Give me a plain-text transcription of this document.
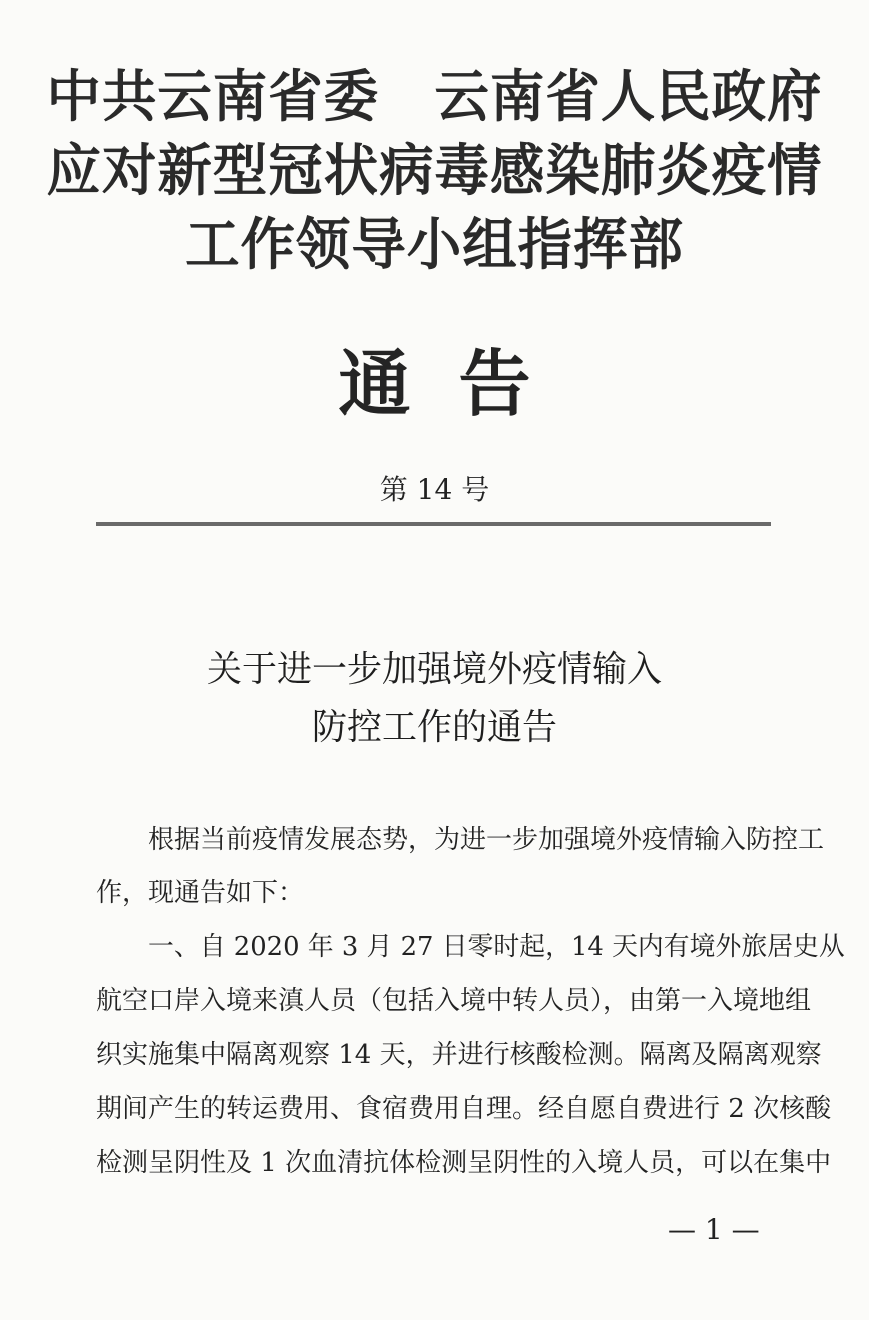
中共云南省委　云南省人民政府
应对新型冠状病毒感染肺炎疫情
工作领导小组指挥部
通告
第 14 号
关于进一步加强境外疫情输入
防控工作的通告
根据当前疫情发展态势，为进一步加强境外疫情输入防控工
作，现通告如下：
一、自 2020 年 3 月 27 日零时起，14 天内有境外旅居史从
航空口岸入境来滇人员（包括入境中转人员），由第一入境地组
织实施集中隔离观察 14 天，并进行核酸检测。隔离及隔离观察
期间产生的转运费用、食宿费用自理。经自愿自费进行 2 次核酸
检测呈阴性及 1 次血清抗体检测呈阴性的入境人员，可以在集中
— 1 —
